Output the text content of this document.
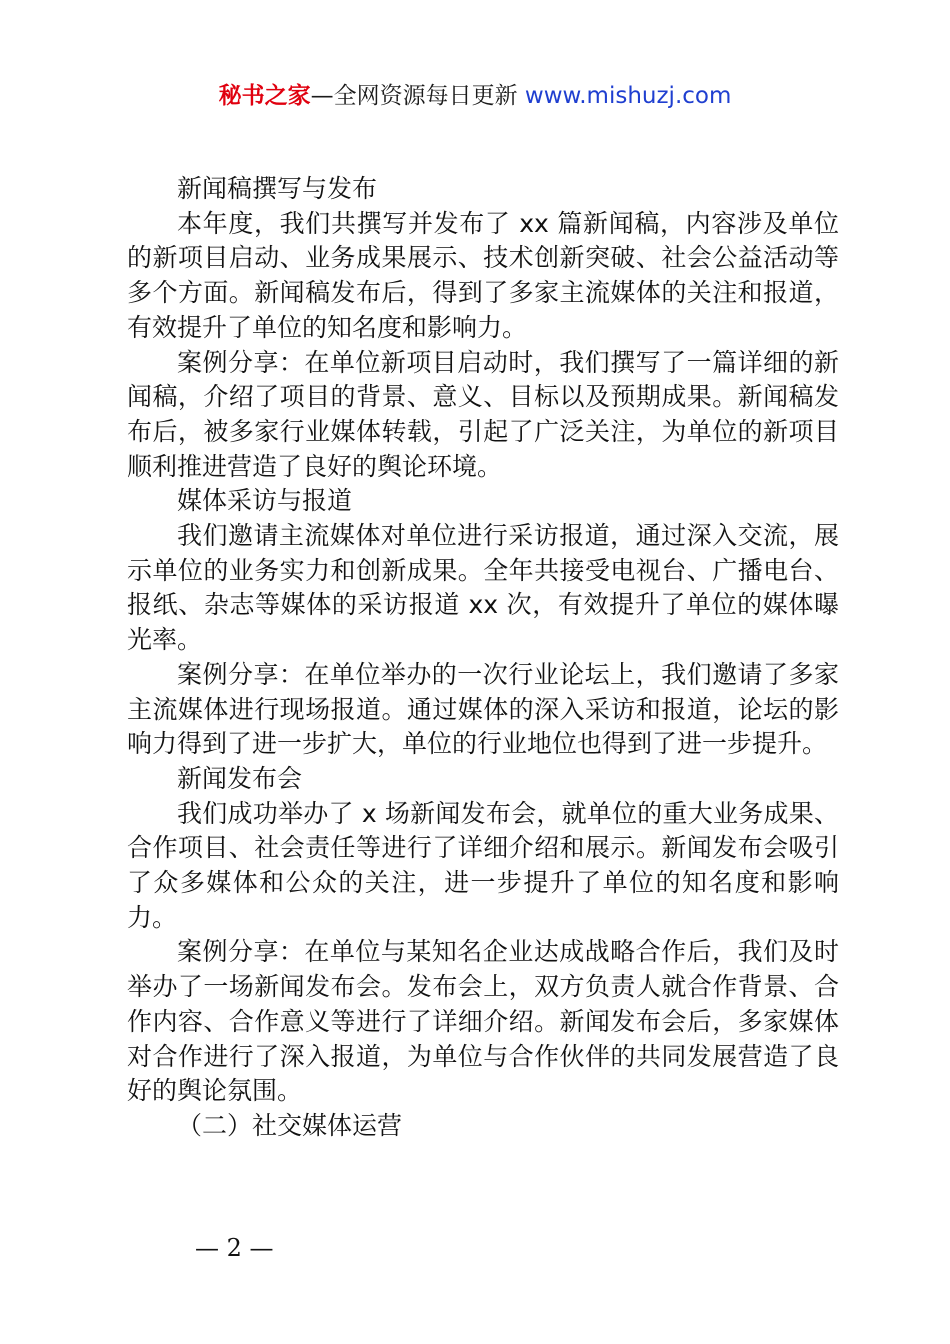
秘书之家—全网资源每日更新 www.mishuzj.com

新闻稿撰写与发布

本年度，我们共撰写并发布了 xx 篇新闻稿，内容涉及单位的新项目启动、业务成果展示、技术创新突破、社会公益活动等多个方面。新闻稿发布后，得到了多家主流媒体的关注和报道，有效提升了单位的知名度和影响力。

案例分享：在单位新项目启动时，我们撰写了一篇详细的新闻稿，介绍了项目的背景、意义、目标以及预期成果。新闻稿发布后，被多家行业媒体转载，引起了广泛关注，为单位的新项目顺利推进营造了良好的舆论环境。

媒体采访与报道

我们邀请主流媒体对单位进行采访报道，通过深入交流，展示单位的业务实力和创新成果。全年共接受电视台、广播电台、报纸、杂志等媒体的采访报道 xx 次，有效提升了单位的媒体曝光率。

案例分享：在单位举办的一次行业论坛上，我们邀请了多家主流媒体进行现场报道。通过媒体的深入采访和报道，论坛的影响力得到了进一步扩大，单位的行业地位也得到了进一步提升。

新闻发布会

我们成功举办了 x 场新闻发布会，就单位的重大业务成果、合作项目、社会责任等进行了详细介绍和展示。新闻发布会吸引了众多媒体和公众的关注，进一步提升了单位的知名度和影响力。

案例分享：在单位与某知名企业达成战略合作后，我们及时举办了一场新闻发布会。发布会上，双方负责人就合作背景、合作内容、合作意义等进行了详细介绍。新闻发布会后，多家媒体对合作进行了深入报道，为单位与合作伙伴的共同发展营造了良好的舆论氛围。

（二）社交媒体运营

— 2 —
